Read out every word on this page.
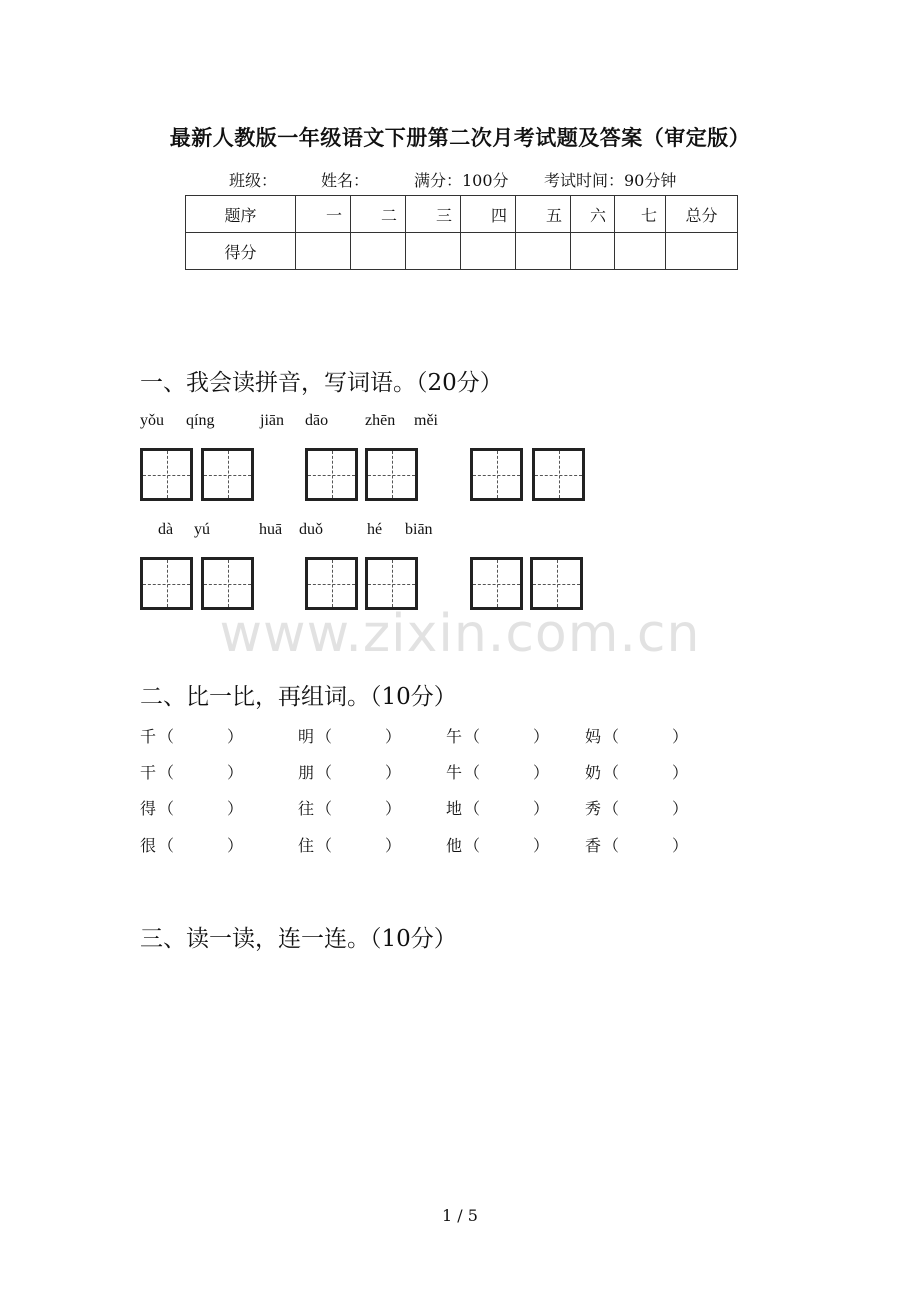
最新人教版一年级语文下册第二次月考试题及答案（审定版）
班级：	姓名：	满分：100分 考试时间：90分钟
题序	一	二	三	四	五	六	七	总分
得分								
一、我会读拼音，写词语。（20分）
yǒu qíng	jiān dāo zhēn měi
dà yú	huā duǒ	hé biān
www.zixin.com.cn
二、比一比，再组词。（10分）
千 （	）	明 （	）	午 （	） 妈 （	）
干 （	）	朋 （	）	牛 （	） 奶 （	）
得 （	）	往 （	）	地 （	） 秀 （	）
很 （	）	住 （	）	他 （	） 香 （	）
三、读一读，连一连。（10分）
1 / 5
